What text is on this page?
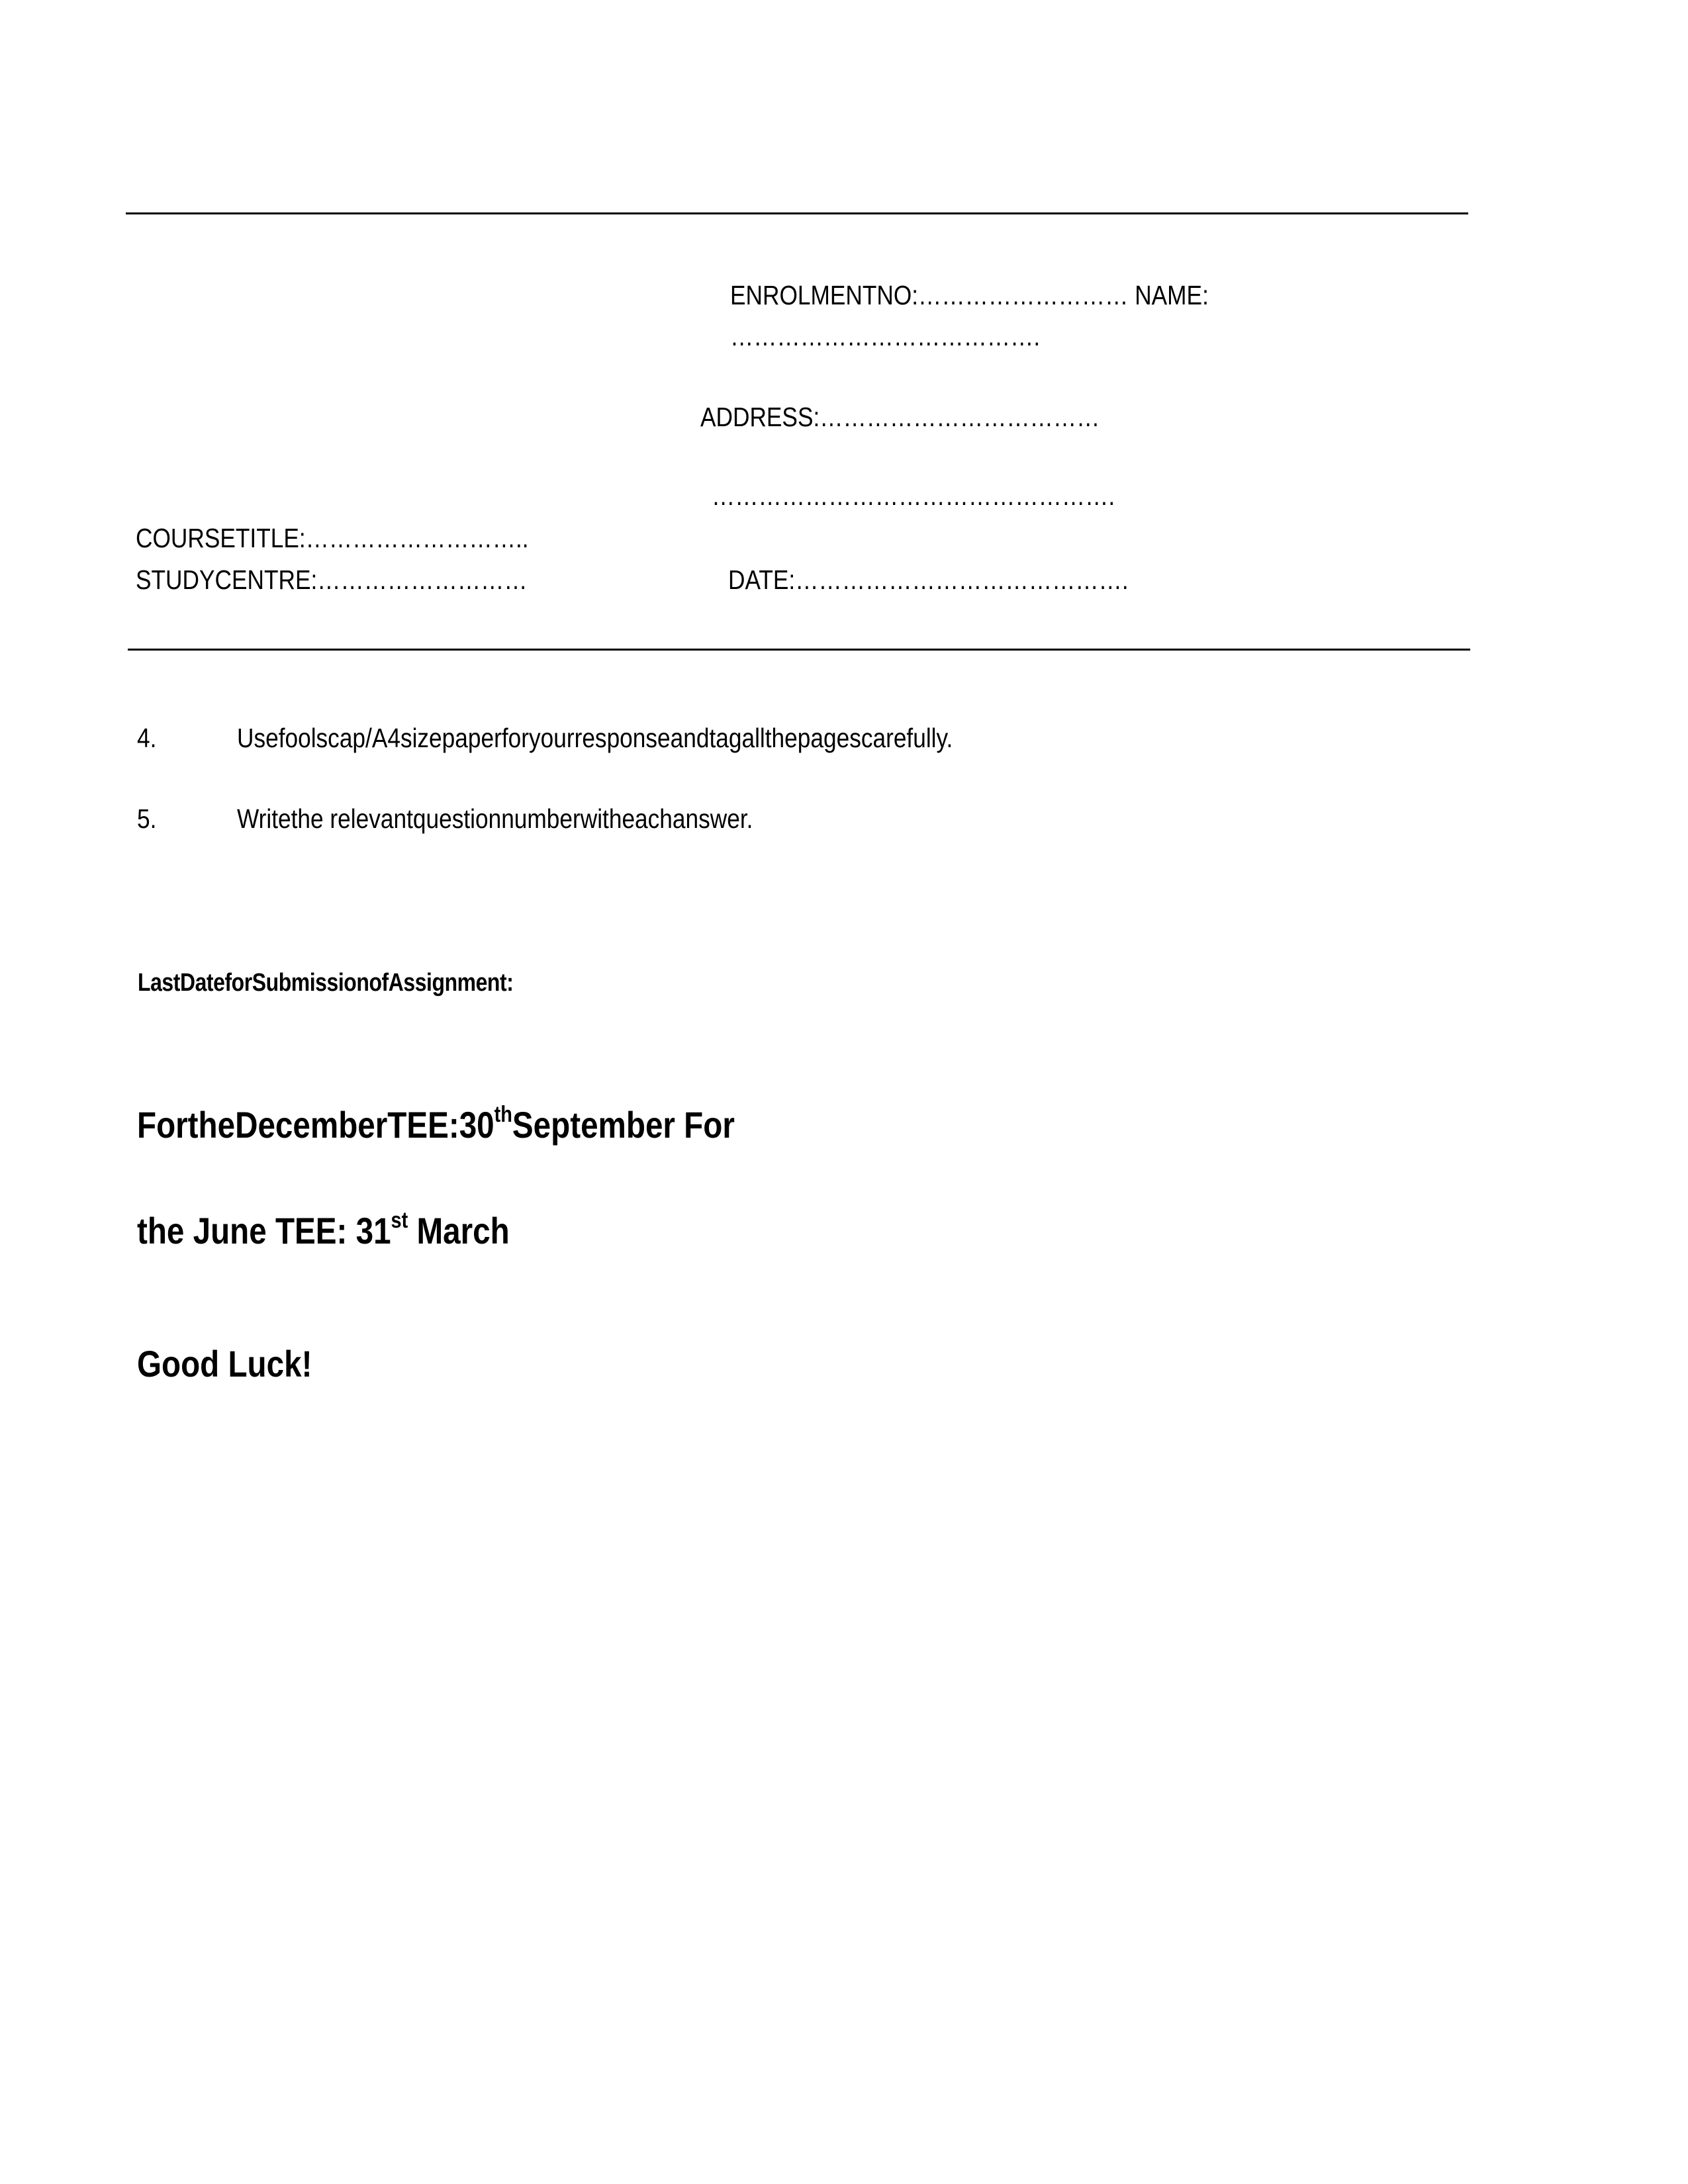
ENROLMENTNO:……………………… NAME:
………………………………….
ADDRESS:………………………………
…………………………………………….
COURSETITLE:………………………..
STUDYCENTRE:………………………	DATE:…………………………………….
4.	Usefoolscap/A4sizepaperforyourresponseandtagallthepagescarefully.
5.	Writethe relevantquestionnumberwitheachanswer.
LastDateforSubmissionofAssignment:
FortheDecemberTEE:30thSeptember For
the June TEE: 31st March
Good Luck!
